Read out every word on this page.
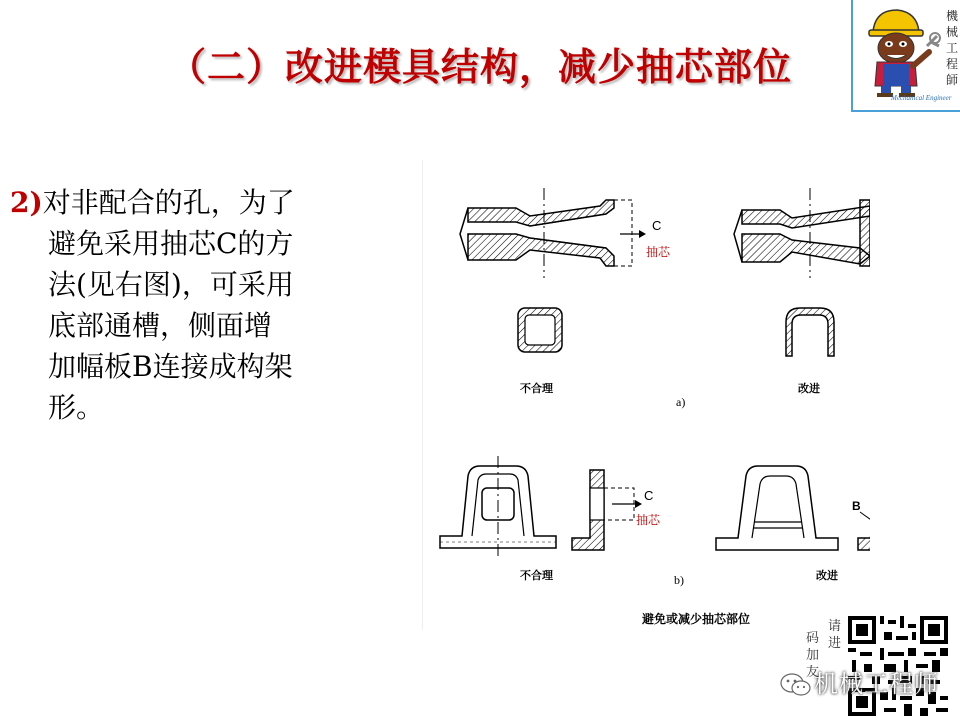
（二）改进模具结构，减少抽芯部位
機械工程師
Mechanical Engineer
2)对非配合的孔，为了
避免采用抽芯C的方
法(见右图)，可采用
底部通槽，侧面增
加幅板B连接成构架
形。
C
抽芯
不合理	改进
a)
C
抽芯
B
不合理	改进
b)
避免或减少抽芯部位
码加友
请进
机械工程师
